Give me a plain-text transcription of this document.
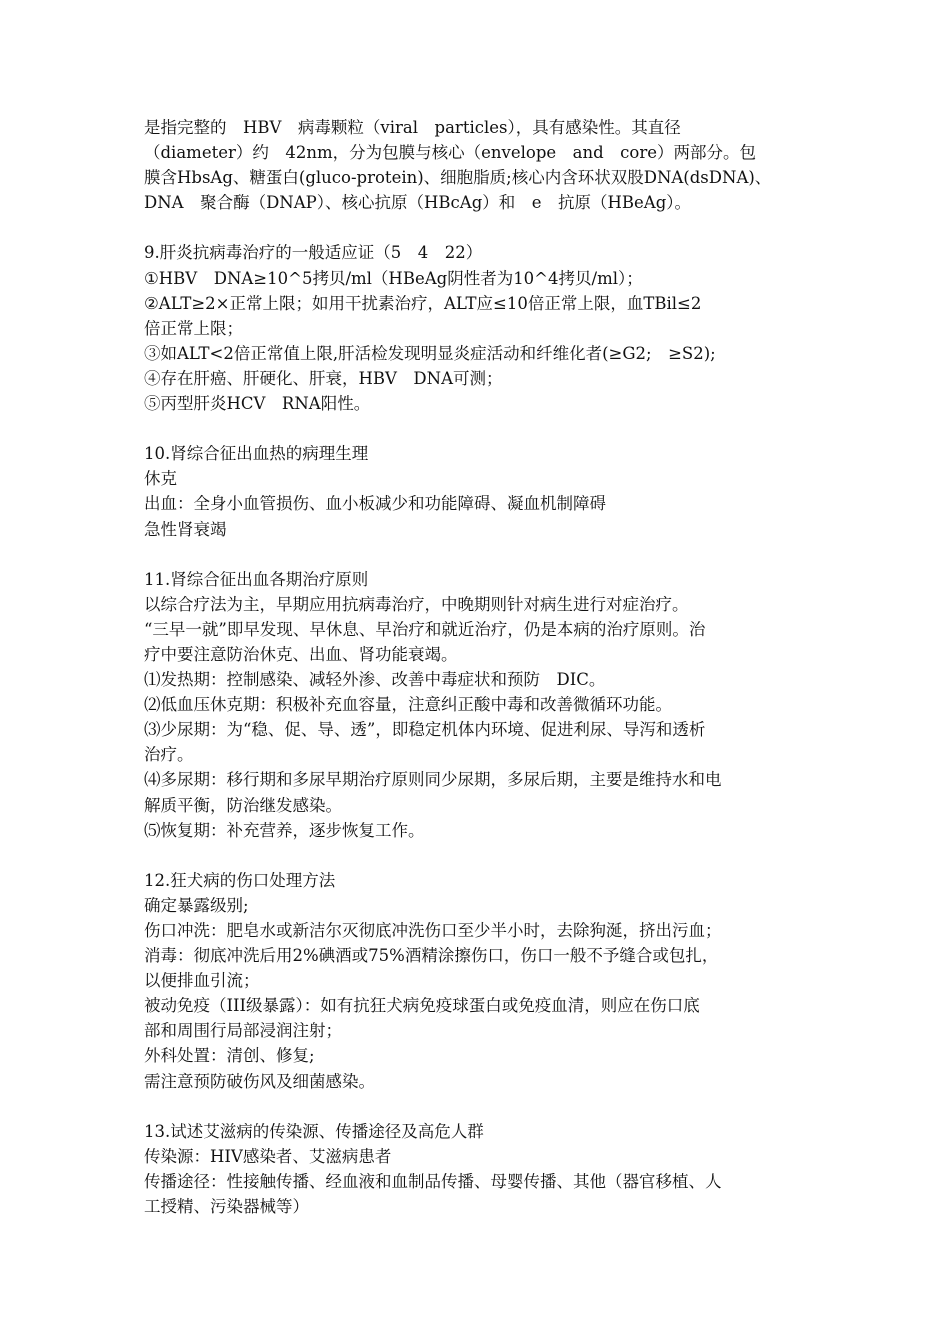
是指完整的　HBV　病毒颗粒（viral　particles），具有感染性。其直径
（diameter）约　42nm，分为包膜与核心（envelope　and　core）两部分。包
膜含HbsAg、糖蛋白(gluco-protein)、细胞脂质;核心内含环状双股DNA(dsDNA)、
DNA　聚合酶（DNAP）、核心抗原（HBcAg）和　e　抗原（HBeAg）。
9.肝炎抗病毒治疗的一般适应证（5　4　22）
①HBV　DNA≥10^5拷贝/ml（HBeAg阴性者为10^4拷贝/ml）；
②ALT≥2×正常上限；如用干扰素治疗，ALT应≤10倍正常上限，血TBil≤2
倍正常上限；
③如ALT<2倍正常值上限,肝活检发现明显炎症活动和纤维化者(≥G2;　≥S2);
④存在肝癌、肝硬化、肝衰，HBV　DNA可测；
⑤丙型肝炎HCV　RNA阳性。
10.肾综合征出血热的病理生理
休克
出血：全身小血管损伤、血小板减少和功能障碍、凝血机制障碍
急性肾衰竭
11.肾综合征出血各期治疗原则
以综合疗法为主，早期应用抗病毒治疗，中晚期则针对病生进行对症治疗。
“三早一就”即早发现、早休息、早治疗和就近治疗，仍是本病的治疗原则。治
疗中要注意防治休克、出血、肾功能衰竭。
⑴发热期：控制感染、减轻外渗、改善中毒症状和预防　DIC。
⑵低血压休克期：积极补充血容量，注意纠正酸中毒和改善微循环功能。
⑶少尿期：为“稳、促、导、透”，即稳定机体内环境、促进利尿、导泻和透析
治疗。
⑷多尿期：移行期和多尿早期治疗原则同少尿期，多尿后期，主要是维持水和电
解质平衡，防治继发感染。
⑸恢复期：补充营养，逐步恢复工作。
12.狂犬病的伤口处理方法
确定暴露级别;
伤口冲洗：肥皂水或新洁尔灭彻底冲洗伤口至少半小时，去除狗涎，挤出污血；
消毒：彻底冲洗后用2%碘酒或75%酒精涂擦伤口，伤口一般不予缝合或包扎，
以便排血引流；
被动免疫（III级暴露）：如有抗狂犬病免疫球蛋白或免疫血清，则应在伤口底
部和周围行局部浸润注射；
外科处置：清创、修复;
需注意预防破伤风及细菌感染。
13.试述艾滋病的传染源、传播途径及高危人群
传染源：HIV感染者、艾滋病患者
传播途径：性接触传播、经血液和血制品传播、母婴传播、其他（器官移植、人
工授精、污染器械等）
